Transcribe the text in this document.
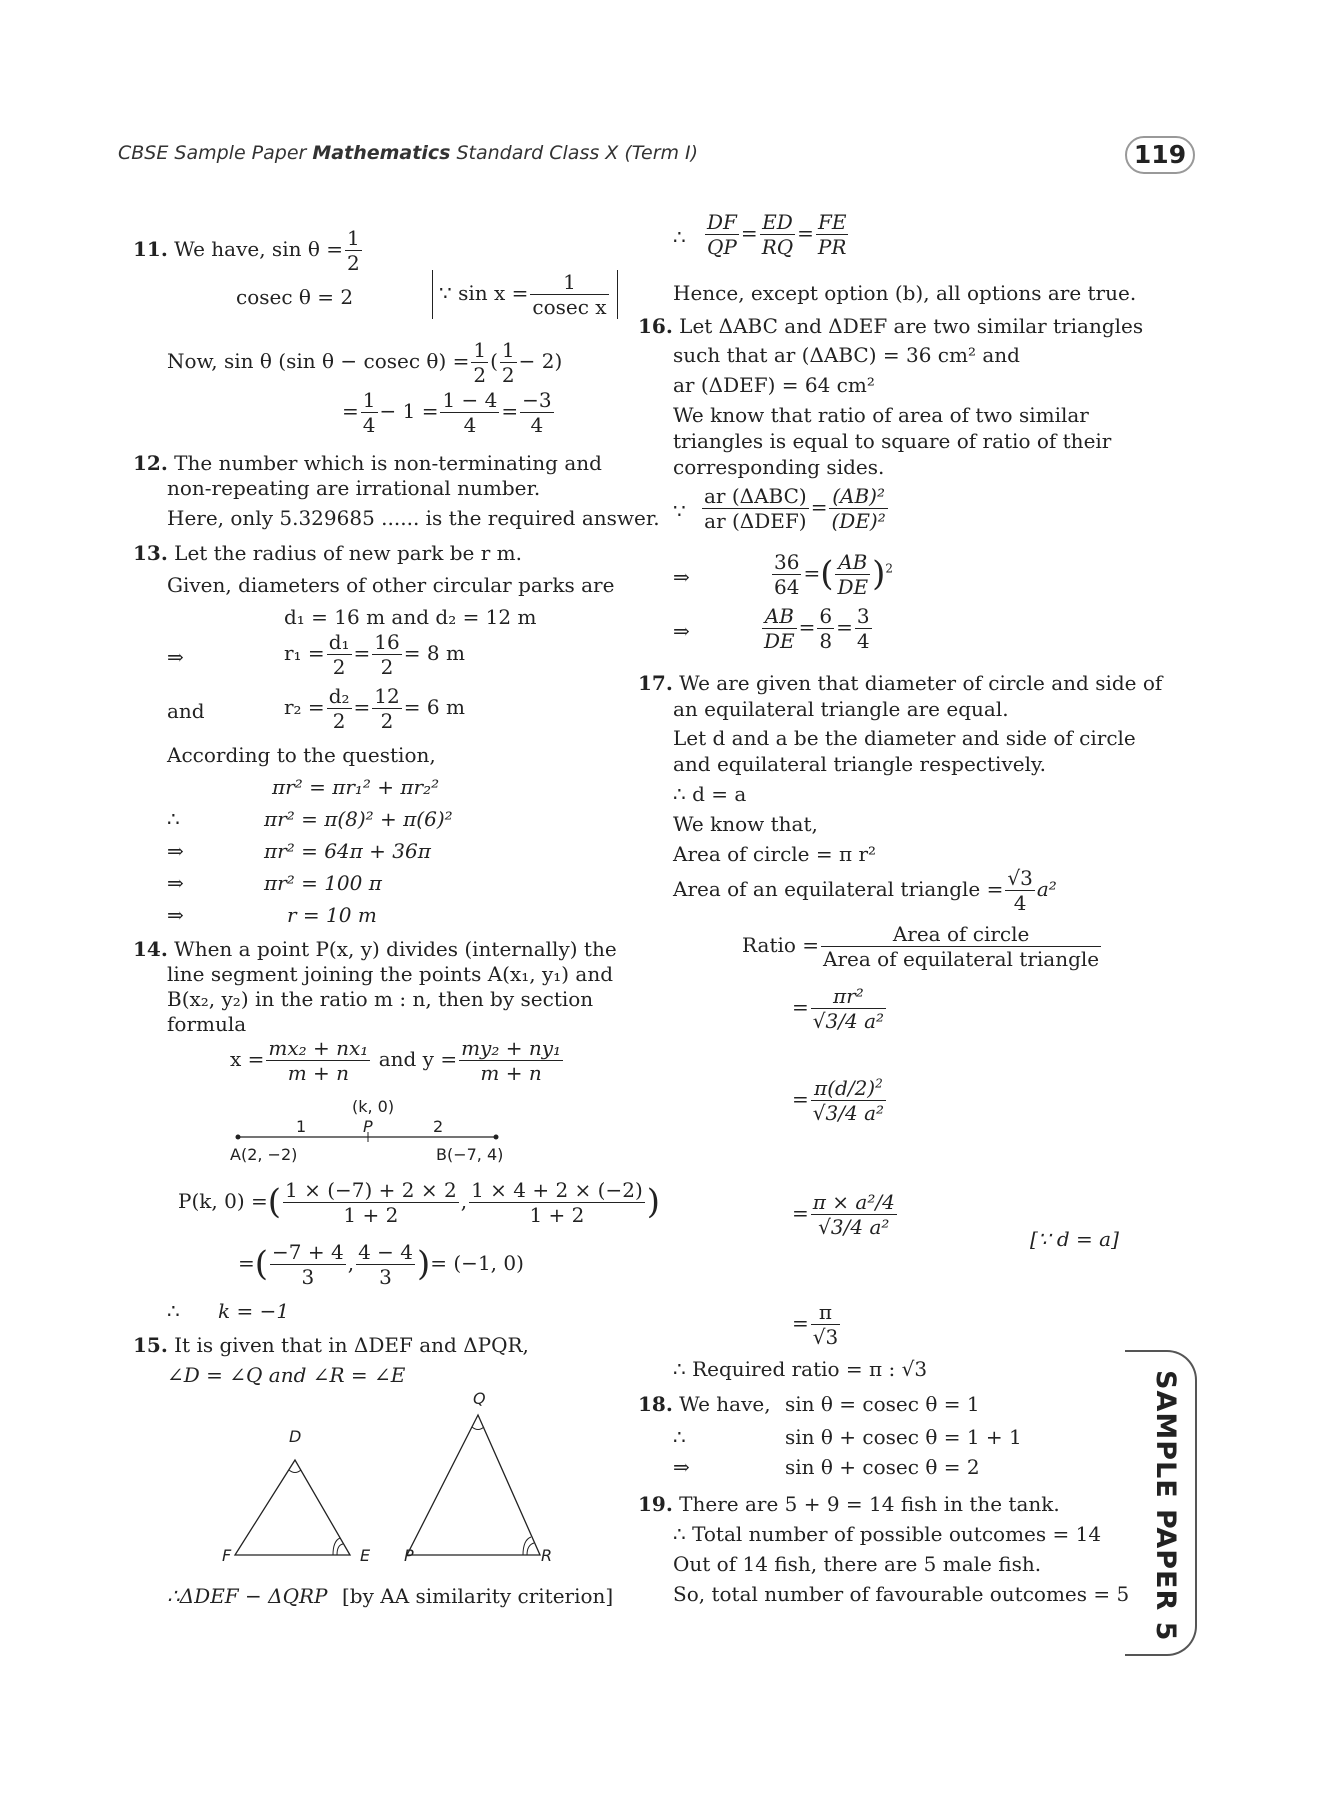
CBSE Sample Paper Mathematics Standard Class X (Term I)	119
11. We have, $\sin \theta = \frac{1}{2}$
cosec θ = 2	∵ $\sin x = \frac{1}{\text{cosec x}}$
Now, sin θ (sin θ − cosec $\theta) = \frac{1}{2}$ ( $\frac{1}{2} - 2$)
= $\frac{1}{4} - 1 = \frac{1 - 4}{4} = \frac{-3}{4}$
12. The number which is non-terminating and
non-repeating are irrational number.
Here, only 5.329685 ...... is the required answer.
13. Let the radius of new park be r m.
Given, diameters of other circular parks are
d₁ = 16 m and d₂ = 12 m
⇒	$r_1 = \frac{\text{d₁}}{2} = \frac{16}{2} = 8$ m
and	$r_2 = \frac{\text{d₂}}{2} = \frac{12}{2} = 6$ m
According to the question,
πr² = πr₁² + πr₂²
∴	πr² = π(8)² + π(6)²
⇒	πr² = 64π + 36π
⇒	πr² = 100 π
⇒	r = 10 m
14. When a point P(x, y) divides (internally) the
line segment joining the points A(x₁, y₁) and
B(x₂, y₂) in the ratio m : n, then by section
formula
$x = \frac{\text{mx₂ + nx₁}}{m + n}$ and $y = \frac{\text{my₂ + ny₁}}{m + n}$
(k, 0)
1	P	2
A(2, −2)	B(−7, 4)
P(k, 0) =( $\frac{1 \times (-7) + 2 \times 2}{1 + 2}$ , $\frac{1 \times 4 + 2 \times (-2)}{1 + 2}$ )
=( $\frac{-7 + 4}{3}$ , $\frac{4 - 4}{3}$ )= (−1, 0)
∴ k = −1
15. It is given that in ΔDEF and ΔPQR,
∠D = ∠Q and ∠R = ∠E
D
F	E
Q
P	R
∴ΔDEF − ΔQRP [by AA similarity criterion]
∴ $\frac{DF}{QP} = \frac{ED}{RQ} = \frac{FE}{PR}$
Hence, except option (b), all options are true.
16. Let ΔABC and ΔDEF are two similar triangles
such that ar (ΔABC) = 36 cm² and
ar (ΔDEF) = 64 cm²
We know that ratio of area of two similar
triangles is equal to square of ratio of their
corresponding sides.
∵
ar (ΔABC)
ar (ΔDEF)
= $\frac{\text{(AB)²}}{\text{(DE)²}}$
⇒	$\frac{36}{64}$ =( $\frac{AB}{DE} )^2$
⇒	$\frac{AB}{DE} = \frac{6}{8} = \frac{3}{4}$
17. We are given that diameter of circle and side of
an equilateral triangle are equal.
Let d and a be the diameter and side of circle
and equilateral triangle respectively.
∴ d = a
We know that,
Area of circle = π r²
Area of an equilateral triangle = $\frac{√3}{4} a^2$
Ratio =	Area of circle
Area of equilateral triangle
= $\frac{\text{πr²}}{\text{√3/4 a²}}$
= $\frac{\pi(d/2)^2}{\text{√3/4 a²}}$
= $\frac{\text{π × a²/4}}{\text{√3/4 a²}}$	[∵ d = a]
= $\frac{\pi}{√3}$
∴ Required ratio = π : √3
18. We have, sin θ = cosec θ = 1
∴	sin θ + cosec θ = 1 + 1
⇒	sin θ + cosec θ = 2
19. There are 5 + 9 = 14 fish in the tank.
∴ Total number of possible outcomes = 14
Out of 14 fish, there are 5 male fish.
So, total number of favourable outcomes = 5 SAMPLE PAPER 5
